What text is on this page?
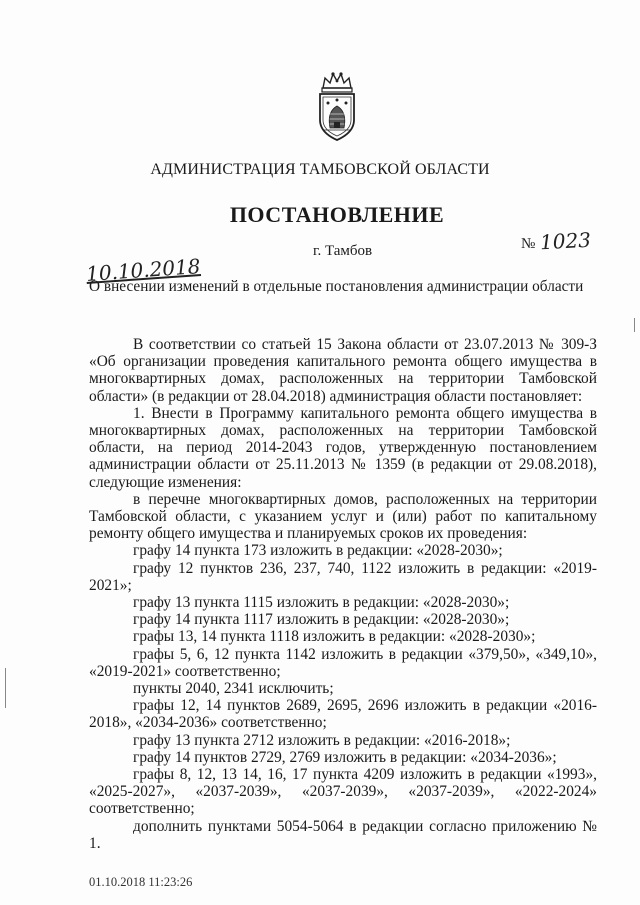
АДМИНИСТРАЦИЯ ТАМБОВСКОЙ ОБЛАСТИ
ПОСТАНОВЛЕНИЕ
г. Тамбов	№ 1023
10.10.2018
О внесении изменений в отдельные постановления администрации области

В соответствии со статьей 15 Закона области от 23.07.2013 № 309-З «Об организации проведения капитального ремонта общего имущества в многоквартирных домах, расположенных на территории Тамбовской области» (в редакции от 28.04.2018) администрация области постановляет:

1. Внести в Программу капитального ремонта общего имущества в многоквартирных домах, расположенных на территории Тамбовской области, на период 2014-2043 годов, утвержденную постановлением администрации области от 25.11.2013 № 1359 (в редакции от 29.08.2018), следующие изменения:

в перечне многоквартирных домов, расположенных на территории Тамбовской области, с указанием услуг и (или) работ по капитальному ремонту общего имущества и планируемых сроков их проведения:

графу 14 пункта 173 изложить в редакции: «2028-2030»;

графу 12 пунктов 236, 237, 740, 1122 изложить в редакции: «2019-2021»;

графу 13 пункта 1115 изложить в редакции: «2028-2030»;

графу 14 пункта 1117 изложить в редакции: «2028-2030»;

графы 13, 14 пункта 1118 изложить в редакции: «2028-2030»;

графы 5, 6, 12 пункта 1142 изложить в редакции «379,50», «349,10», «2019-2021» соответственно;

пункты 2040, 2341 исключить;

графы 12, 14 пунктов 2689, 2695, 2696 изложить в редакции «2016-2018», «2034-2036» соответственно;

графу 13 пункта 2712 изложить в редакции: «2016-2018»;

графу 14 пунктов 2729, 2769 изложить в редакции: «2034-2036»;

графы 8, 12, 13 14, 16, 17 пункта 4209 изложить в редакции «1993», «2025-2027», «2037-2039», «2037-2039», «2037-2039», «2022-2024» соответственно;

дополнить пунктами 5054-5064 в редакции согласно приложению № 1.

01.10.2018 11:23:26
